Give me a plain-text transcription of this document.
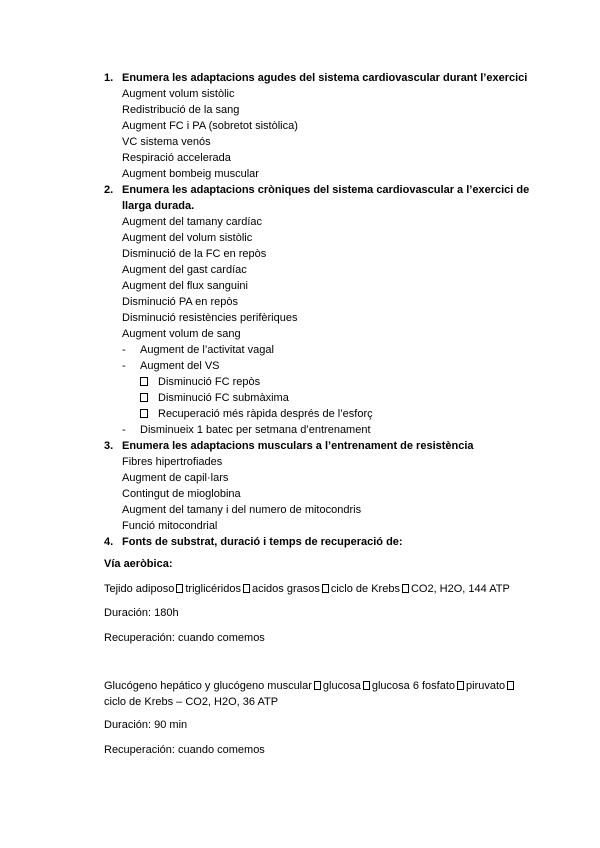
1. Enumera les adaptacions agudes del sistema cardiovascular durant l’exercici
Augment volum sistòlic
Redistribució de la sang
Augment FC i PA (sobretot sistòlica)
VC sistema venós
Respiració accelerada
Augment bombeig muscular
2. Enumera les adaptacions cròniques del sistema cardiovascular a l’exercici de
llarga durada.
Augment del tamany cardíac
Augment del volum sistòlic
Disminució de la FC en repòs
Augment del gast cardíac
Augment del flux sanguini
Disminució PA en repòs
Disminució resistències perifèriques
Augment volum de sang
- Augment de l’activitat vagal
- Augment del VS
Disminució FC repòs
Disminució FC submàxima
Recuperació més ràpida després de l’esforç
- Disminueix 1 batec per setmana d’entrenament
3. Enumera les adaptacions musculars a l’entrenament de resistència
Fibres hipertrofiades
Augment de capil·lars
Contingut de mioglobina
Augment del tamany i del numero de mitocondris
Funció mitocondrial
4. Fonts de substrat, duració i temps de recuperació de:
Vía aeròbica:
Tejido adiposo triglicéridos acidos grasos ciclo de Krebs CO2, H2O, 144 ATP
Duración: 180h
Recuperación: cuando comemos
Glucógeno hepático y glucógeno muscular glucosa glucosa 6 fosfato piruvato
ciclo de Krebs – CO2, H2O, 36 ATP
Duración: 90 min
Recuperación: cuando comemos
